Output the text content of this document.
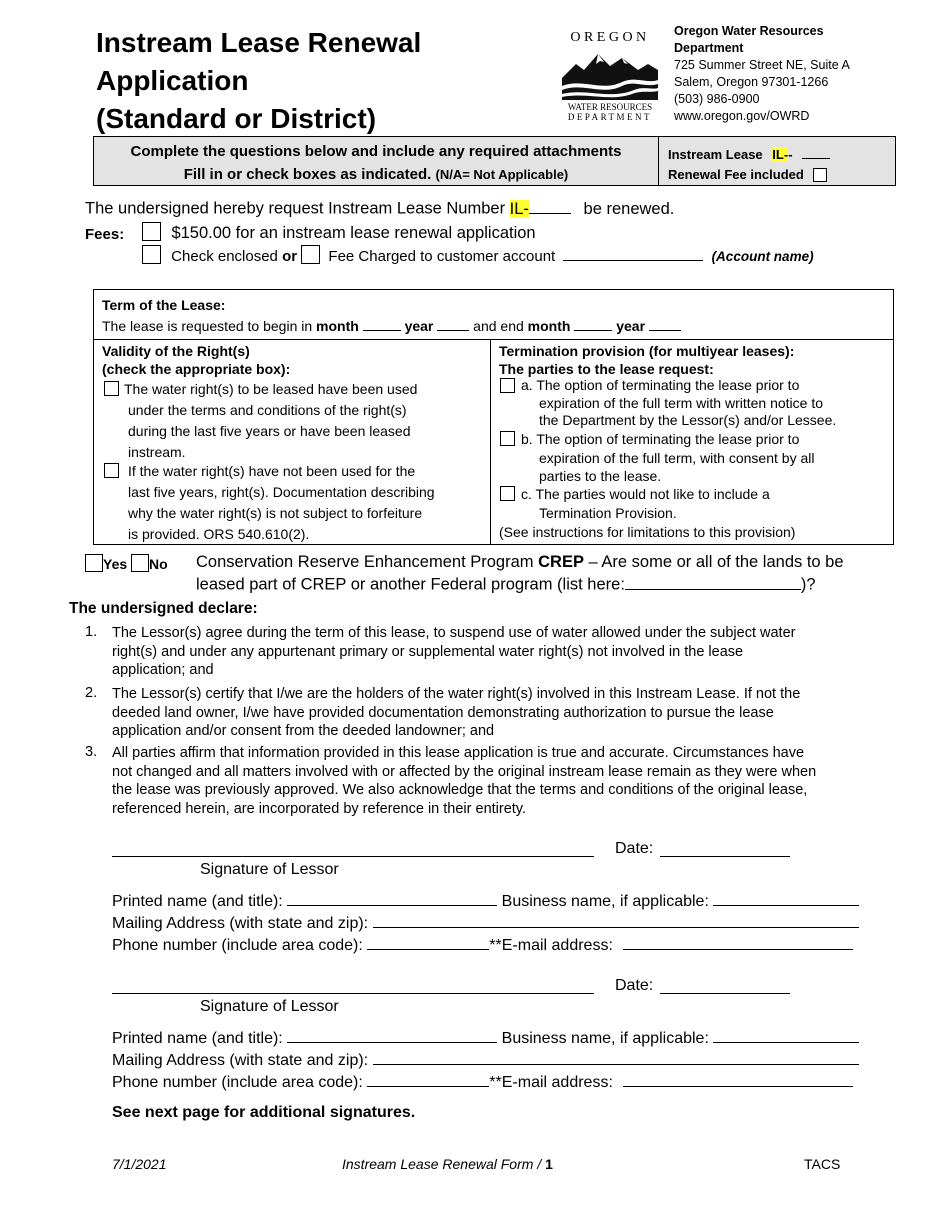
Instream Lease Renewal
Application
(Standard or District)
OREGON
WATER RESOURCES
DEPARTMENT
Oregon Water Resources
Department
725 Summer Street NE, Suite A
Salem, Oregon 97301-1266
(503) 986-0900
www.oregon.gov/OWRD
Complete the questions below and include any required attachments
Fill in or check boxes as indicated. (N/A= Not Applicable)
Instream Lease IL--
Renewal Fee included
The undersigned hereby request Instream Lease Number IL-	be renewed.
Fees:	$150.00 for an instream lease renewal application
Check enclosed or Fee Charged to customer account	(Account name)
Term of the Lease:
The lease is requested to begin in month	year	and end month	year
Validity of the Right(s)
(check the appropriate box):
The water right(s) to be leased have been used
under the terms and conditions of the right(s)
during the last five years or have been leased
instream.
If the water right(s) have not been used for the
last five years, right(s). Documentation describing
why the water right(s) is not subject to forfeiture
is provided. ORS 540.610(2).
Termination provision (for multiyear leases):
The parties to the lease request:
a. The option of terminating the lease prior to
expiration of the full term with written notice to
the Department by the Lessor(s) and/or Lessee.
b. The option of terminating the lease prior to
expiration of the full term, with consent by all
parties to the lease.
c. The parties would not like to include a
Termination Provision.
(See instructions for limitations to this provision)
Yes No Conservation Reserve Enhancement Program CREP – Are some or all of the lands to be
leased part of CREP or another Federal program (list here:	)?
The undersigned declare:
1.	The Lessor(s) agree during the term of this lease, to suspend use of water allowed under the subject water
right(s) and under any appurtenant primary or supplemental water right(s) not involved in the lease
application; and
2.	The Lessor(s) certify that I/we are the holders of the water right(s) involved in this Instream Lease. If not the
deeded land owner, I/we have provided documentation demonstrating authorization to pursue the lease
application and/or consent from the deeded landowner; and
3.	All parties affirm that information provided in this lease application is true and accurate. Circumstances have
not changed and all matters involved with or affected by the original instream lease remain as they were when
the lease was previously approved. We also acknowledge that the terms and conditions of the original lease,
referenced herein, are incorporated by reference in their entirety.
Date:
Signature of Lessor
Printed name (and title):	Business name, if applicable:
Mailing Address (with state and zip):
Phone number (include area code):	**E-mail address:
Date:
Signature of Lessor
Printed name (and title):	Business name, if applicable:
Mailing Address (with state and zip):
Phone number (include area code):	**E-mail address:
See next page for additional signatures.
7/1/2021	Instream Lease Renewal Form / 1	TACS
